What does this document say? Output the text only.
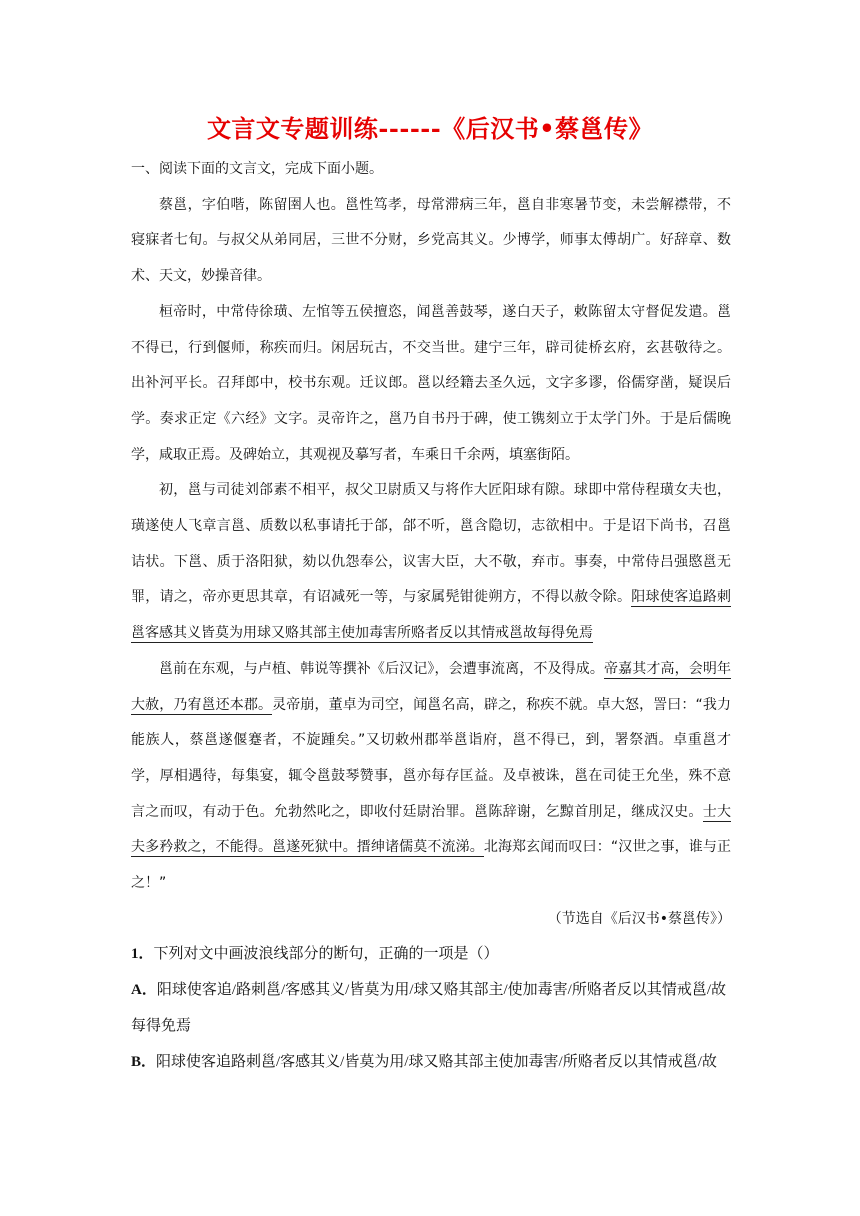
文言文专题训练------《后汉书•蔡邕传》

一、阅读下面的文言文，完成下面小题。

蔡邕，字伯喈，陈留圉人也。邕性笃孝，母常滞病三年，邕自非寒暑节变，未尝解襟带，不寝寐者七旬。与叔父从弟同居，三世不分财，乡党高其义。少博学，师事太傅胡广。好辞章、数术、天文，妙操音律。

桓帝时，中常侍徐璜、左悺等五侯擅恣，闻邕善鼓琴，遂白天子，敕陈留太守督促发遣。邕不得已，行到偃师，称疾而归。闲居玩古，不交当世。建宁三年，辟司徒桥玄府，玄甚敬待之。出补河平长。召拜郎中，校书东观。迁议郎。邕以经籍去圣久远，文字多谬，俗儒穿凿，疑误后学。奏求正定《六经》文字。灵帝许之，邕乃自书丹于碑，使工镌刻立于太学门外。于是后儒晚学，咸取正焉。及碑始立，其观视及摹写者，车乘日千余两，填塞街陌。

初，邕与司徒刘郃素不相平，叔父卫尉质又与将作大匠阳球有隙。球即中常侍程璜女夫也，璜遂使人飞章言邕、质数以私事请托于郃，郃不听，邕含隐切，志欲相中。于是诏下尚书，召邕诘状。下邕、质于洛阳狱，劾以仇怨奉公，议害大臣，大不敬，弃市。事奏，中常侍吕强愍邕无罪，请之，帝亦更思其章，有诏减死一等，与家属髡钳徙朔方，不得以赦令除。阳球使客追路刺邕客感其义皆莫为用球又赂其部主使加毒害所赂者反以其情戒邕故每得免焉

邕前在东观，与卢植、韩说等撰补《后汉记》，会遭事流离，不及得成。帝嘉其才高，会明年大赦，乃宥邕还本郡。灵帝崩，董卓为司空，闻邕名高，辟之，称疾不就。卓大怒，詈曰：“我力能族人，蔡邕遂偃蹇者，不旋踵矣。”又切敕州郡举邕诣府，邕不得已，到，署祭酒。卓重邕才学，厚相遇待，每集宴，辄令邕鼓琴赞事，邕亦每存匡益。及卓被诛，邕在司徒王允坐，殊不意言之而叹，有动于色。允勃然叱之，即收付廷尉治罪。邕陈辞谢，乞黥首刖足，继成汉史。士大夫多矜救之，不能得。邕遂死狱中。搢绅诸儒莫不流涕。北海郑玄闻而叹曰：“汉世之事，谁与正之！”

（节选自《后汉书•蔡邕传》）

1．下列对文中画波浪线部分的断句，正确的一项是（）

A．阳球使客追/路刺邕/客感其义/皆莫为用/球又赂其部主/使加毒害/所赂者反以其情戒邕/故每得免焉

B．阳球使客追路刺邕/客感其义/皆莫为用/球又赂其部主使加毒害/所赂者反以其情戒邕/故
